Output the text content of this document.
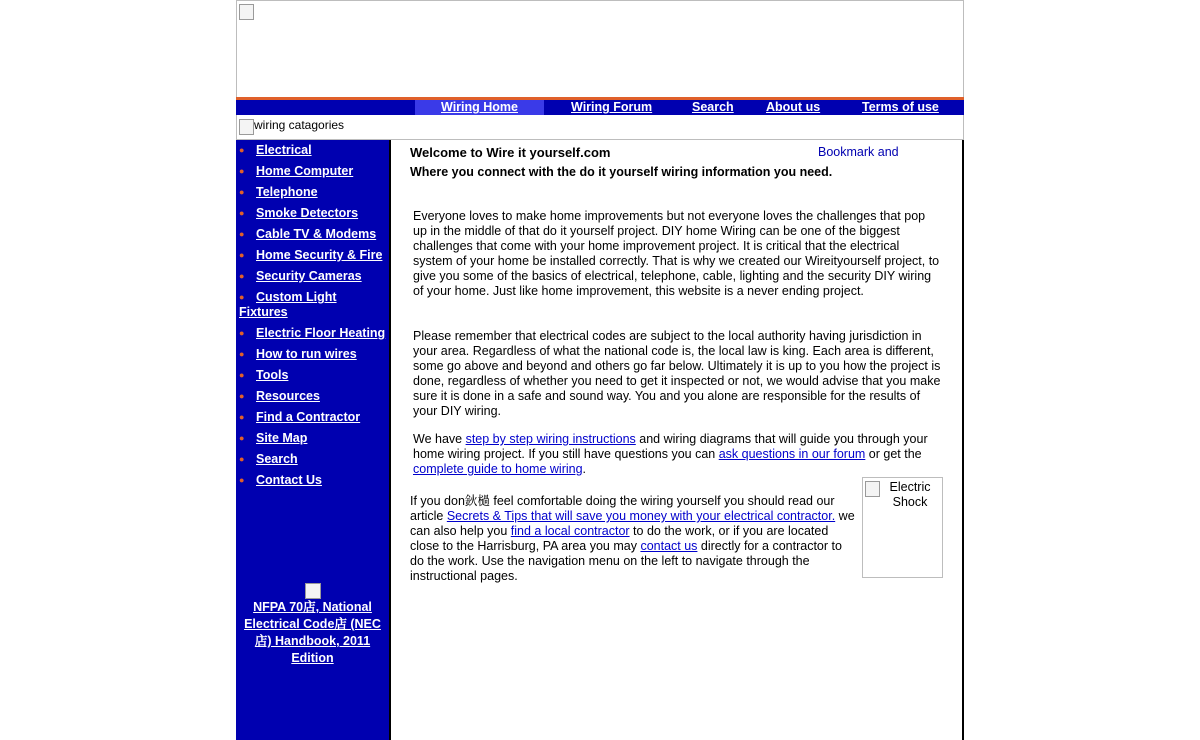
Wiring Home	Wiring Forum	Search	About us	Terms of use
wiring catagories
● Electrical
● Home Computer
● Telephone
● Smoke Detectors
● Cable TV & Modems
● Home Security & Fire
● Security Cameras
● Custom Light Fixtures
● Electric Floor Heating
● How to run wires
● Tools
● Resources
● Find a Contractor
● Site Map
● Search
● Contact Us
NFPA 70店, National Electrical Code店 (NEC店) Handbook, 2011 Edition
Welcome to Wire it yourself.com	Bookmark and
Where you connect with the do it yourself wiring information you need.
Everyone loves to make home improvements but not everyone loves the challenges that pop up in the middle of that do it yourself project. DIY home Wiring can be one of the biggest challenges that come with your home improvement project. It is critical that the electrical system of your home be installed correctly. That is why we created our Wireityourself project, to give you some of the basics of electrical, telephone, cable, lighting and the security DIY wiring of your home. Just like home improvement, this website is a never ending project.
Please remember that electrical codes are subject to the local authority having jurisdiction in your area. Regardless of what the national code is, the local law is king. Each area is different, some go above and beyond and others go far below. Ultimately it is up to you how the project is done, regardless of whether you need to get it inspected or not, we would advise that you make sure it is done in a safe and sound way. You and you alone are responsible for the results of your DIY wiring.
We have step by step wiring instructions and wiring diagrams that will guide you through your home wiring project. If you still have questions you can ask questions in our forum or get the complete guide to home wiring.
If you don鈥檛 feel comfortable doing the wiring yourself you should read our article Secrets & Tips that will save you money with your electrical contractor. we can also help you find a local contractor to do the work, or if you are located close to the Harrisburg, PA area you may contact us directly for a contractor to do the work. Use the navigation menu on the left to navigate through the instructional pages.
Electric Shock
